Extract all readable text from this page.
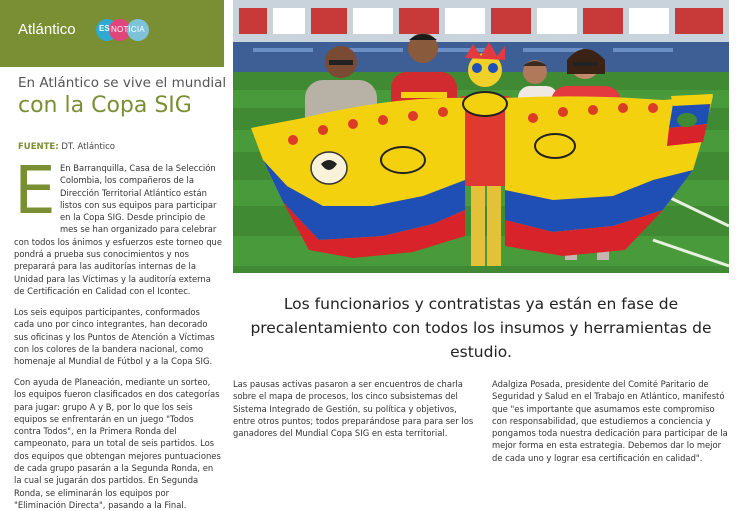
Atlántico	ES NOTICIA
En Atlántico se vive el mundial
con la Copa SIG
FUENTE: DT. Atlántico
E En Barranquilla, Casa de la Selección Colombia, los compañeros de la Dirección Territorial Atlántico están listos con sus equipos para participar en la Copa SIG. Desde principio de mes se han organizado para celebrar con todos los ánimos y esfuerzos este torneo que pondrá a prueba sus conocimientos y nos preparará para las auditorías internas de la Unidad para las Víctimas y la auditoría externa de Certificación en Calidad con el Icontec.

Los seis equipos participantes, conformados cada uno por cinco integrantes, han decorado sus oficinas y los Puntos de Atención a Víctimas con los colores de la bandera nacional, como homenaje al Mundial de Fútbol y a la Copa SIG.

Con ayuda de Planeación, mediante un sorteo, los equipos fueron clasificados en dos categorías para jugar: grupo A y B, por lo que los seis equipos se enfrentarán en un juego "Todos contra Todos", en la Primera Ronda del campeonato, para un total de seis partidos. Los dos equipos que obtengan mejores puntuaciones de cada grupo pasarán a la Segunda Ronda, en la cual se jugarán dos partidos. En Segunda Ronda, se eliminarán los equipos por "Eliminación Directa", pasando a la Final.

Los funcionarios y contratistas ya están en fase de precalentamiento con todos los insumos y herramientas de estudio.

Las pausas activas pasaron a ser encuentros de charla sobre el mapa de procesos, los cinco subsistemas del Sistema Integrado de Gestión, su política y objetivos, entre otros puntos; todos preparándose para para ser los ganadores del Mundial Copa SIG en esta territorial.

Adalgiza Posada, presidente del Comité Paritario de Seguridad y Salud en el Trabajo en Atlántico, manifestó que "es importante que asumamos este compromiso con responsabilidad, que estudiemos a conciencia y pongamos toda nuestra dedicación para participar de la mejor forma en esta estrategia. Debemos dar lo mejor de cada uno y lograr esa certificación en calidad".
